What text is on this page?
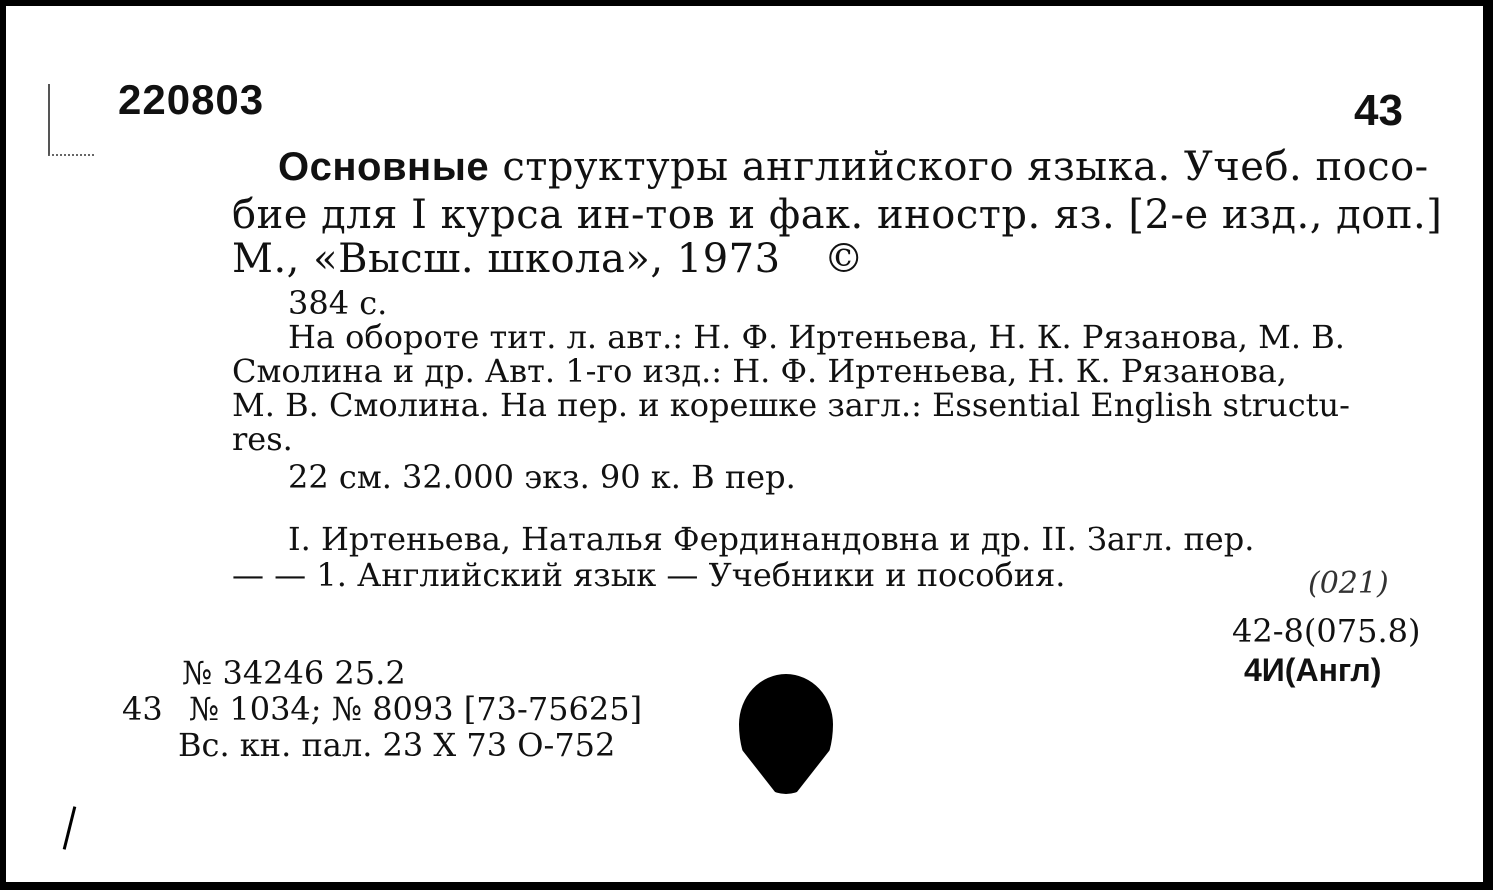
220803	43
Основные структуры английского языка. Учеб. посо-
бие для I курса ин-тов и фак. иностр. яз. [2-е изд., доп.]
М., «Высш. школа», 1973 ©
384 с.
На обороте тит. л. авт.: Н. Ф. Иртеньева, Н. К. Рязанова, М. В.
Смолина и др. Авт. 1-го изд.: Н. Ф. Иртеньева, Н. К. Рязанова,
М. В. Смолина. На пер. и корешке загл.: Essential English structu-
res.
22 см. 32.000 экз. 90 к. В пер.
I. Иртеньева, Наталья Фердинандовна и др. II. Загл. пер.
— — 1. Английский язык — Учебники и пособия.	(021)
42-8(075.8)
4И(Англ)
№ 34246 25.2
43 № 1034; № 8093 [73-75625]
Вс. кн. пал. 23 X 73 О-752
